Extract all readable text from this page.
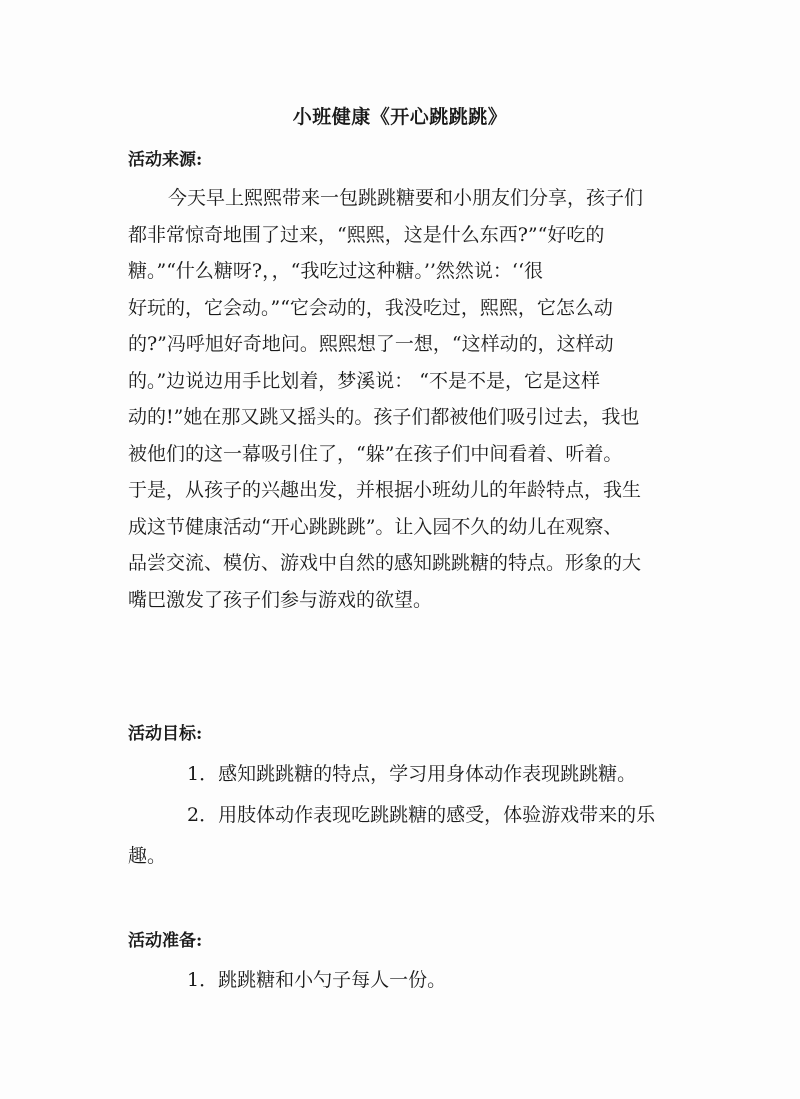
小班健康《开心跳跳跳》
活动来源:
今天早上熙熙带来一包跳跳糖要和小朋友们分享，孩子们
都非常惊奇地围了过来，“熙熙，这是什么东西?”“好吃的
糖。”“什么糖呀?，，“我吃过这种糖。’’然然说：‘‘很
好玩的，它会动。”“它会动的，我没吃过，熙熙，它怎么动
的?”冯呼旭好奇地问。熙熙想了一想，“这样动的，这样动
的。”边说边用手比划着，梦溪说： “不是不是，它是这样
动的!”她在那又跳又摇头的。孩子们都被他们吸引过去，我也
被他们的这一幕吸引住了，“躲”在孩子们中间看着、听着。
于是，从孩子的兴趣出发，并根据小班幼儿的年龄特点，我生
成这节健康活动“开心跳跳跳”。让入园不久的幼儿在观察、
品尝交流、模仿、游戏中自然的感知跳跳糖的特点。形象的大
嘴巴激发了孩子们参与游戏的欲望。
活动目标:
1．感知跳跳糖的特点，学习用身体动作表现跳跳糖。
2．用肢体动作表现吃跳跳糖的感受，体验游戏带来的乐
趣。
活动准备:
1．跳跳糖和小勺子每人一份。
